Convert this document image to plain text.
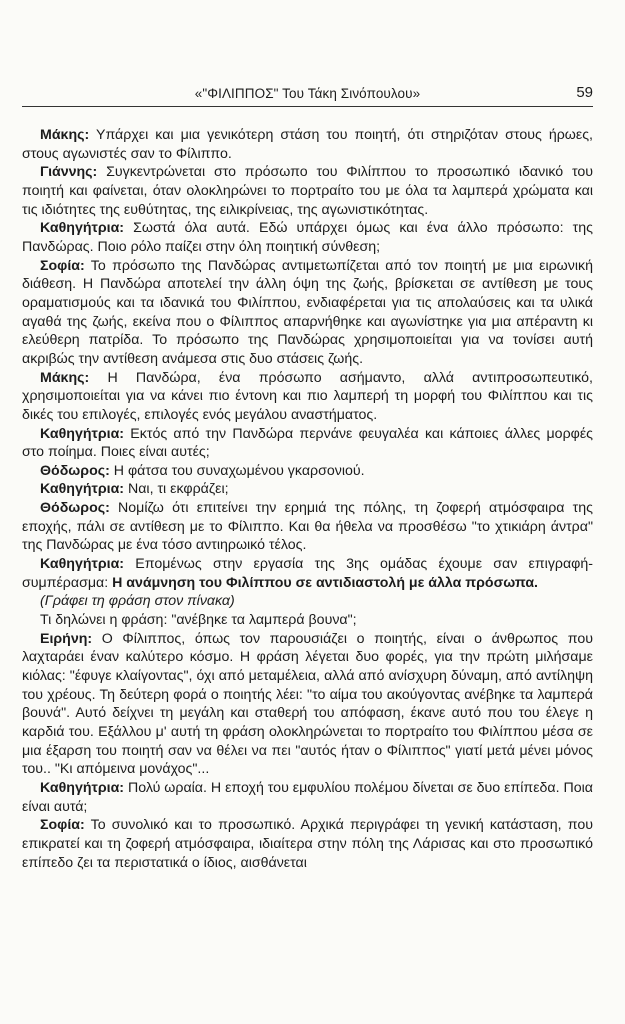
«"ΦΙΛΙΠΠΟΣ" Του Τάκη Σινόπουλου»	59

Μάκης: Υπάρχει και μια γενικότερη στάση του ποιητή, ότι στηριζόταν στους ήρωες, στους αγωνιστές σαν το Φίλιππο.

Γιάννης: Συγκεντρώνεται στο πρόσωπο του Φιλίππου το προσωπικό ιδανικό του ποιητή και φαίνεται, όταν ολοκληρώνει το πορτραίτο του με όλα τα λαμπερά χρώματα και τις ιδιότητες της ευθύτητας, της ειλικρίνειας, της αγωνιστικότητας.

Καθηγήτρια: Σωστά όλα αυτά. Εδώ υπάρχει όμως και ένα άλλο πρόσωπο: της Πανδώρας. Ποιο ρόλο παίζει στην όλη ποιητική σύνθεση;

Σοφία: Το πρόσωπο της Πανδώρας αντιμετωπίζεται από τον ποιητή με μια ειρωνική διάθεση. Η Πανδώρα αποτελεί την άλλη όψη της ζωής, βρίσκεται σε αντίθεση με τους οραματισμούς και τα ιδανικά του Φιλίππου, ενδιαφέρεται για τις απολαύσεις και τα υλικά αγαθά της ζωής, εκείνα που ο Φίλιππος απαρνήθηκε και αγωνίστηκε για μια απέραντη κι ελεύθερη πατρίδα. Το πρόσωπο της Πανδώρας χρησιμοποιείται για να τονίσει αυτή ακριβώς την αντίθεση ανάμεσα στις δυο στάσεις ζωής.

Μάκης: Η Πανδώρα, ένα πρόσωπο ασήμαντο, αλλά αντιπροσωπευτικό, χρησιμοποιείται για να κάνει πιο έντονη και πιο λαμπερή τη μορφή του Φιλίππου και τις δικές του επιλογές, επιλογές ενός μεγάλου αναστήματος.

Καθηγήτρια: Εκτός από την Πανδώρα περνάνε φευγαλέα και κάποιες άλλες μορφές στο ποίημα. Ποιες είναι αυτές;

Θόδωρος: Η φάτσα του συναχωμένου γκαρσονιού.

Καθηγήτρια: Ναι, τι εκφράζει;

Θόδωρος: Νομίζω ότι επιτείνει την ερημιά της πόλης, τη ζοφερή ατμόσφαιρα της εποχής, πάλι σε αντίθεση με το Φίλιππο. Και θα ήθελα να προσθέσω "το χτικιάρη άντρα" της Πανδώρας με ένα τόσο αντιηρωικό τέλος.

Καθηγήτρια: Επομένως στην εργασία της 3ης ομάδας έχουμε σαν επιγραφή-συμπέρασμα: Η ανάμνηση του Φιλίππου σε αντιδιαστολή με άλλα πρόσωπα.

(Γράφει τη φράση στον πίνακα)

Τι δηλώνει η φράση: "ανέβηκε τα λαμπερά βουνα";

Ειρήνη: Ο Φίλιππος, όπως τον παρουσιάζει ο ποιητής, είναι ο άνθρωπος που λαχταράει έναν καλύτερο κόσμο. Η φράση λέγεται δυο φορές, για την πρώτη μιλήσαμε κιόλας: "έφυγε κλαίγοντας", όχι από μεταμέλεια, αλλά από ανίσχυρη δύναμη, από αντίληψη του χρέους. Τη δεύτερη φορά ο ποιητής λέει: "το αίμα του ακούγοντας ανέβηκε τα λαμπερά βουνά". Αυτό δείχνει τη μεγάλη και σταθερή του απόφαση, έκανε αυτό που του έλεγε η καρδιά του. Εξάλλου μ' αυτή τη φράση ολοκληρώνεται το πορτραίτο του Φιλίππου μέσα σε μια έξαρση του ποιητή σαν να θέλει να πει "αυτός ήταν ο Φίλιππος" γιατί μετά μένει μόνος του.. "Κι απόμεινα μονάχος"...

Καθηγήτρια: Πολύ ωραία. Η εποχή του εμφυλίου πολέμου δίνεται σε δυο επίπεδα. Ποια είναι αυτά;

Σοφία: Το συνολικό και το προσωπικό. Αρχικά περιγράφει τη γενική κατάσταση, που επικρατεί και τη ζοφερή ατμόσφαιρα, ιδιαίτερα στην πόλη της Λάρισας και στο προσωπικό επίπεδο ζει τα περιστατικά ο ίδιος, αισθάνεται
